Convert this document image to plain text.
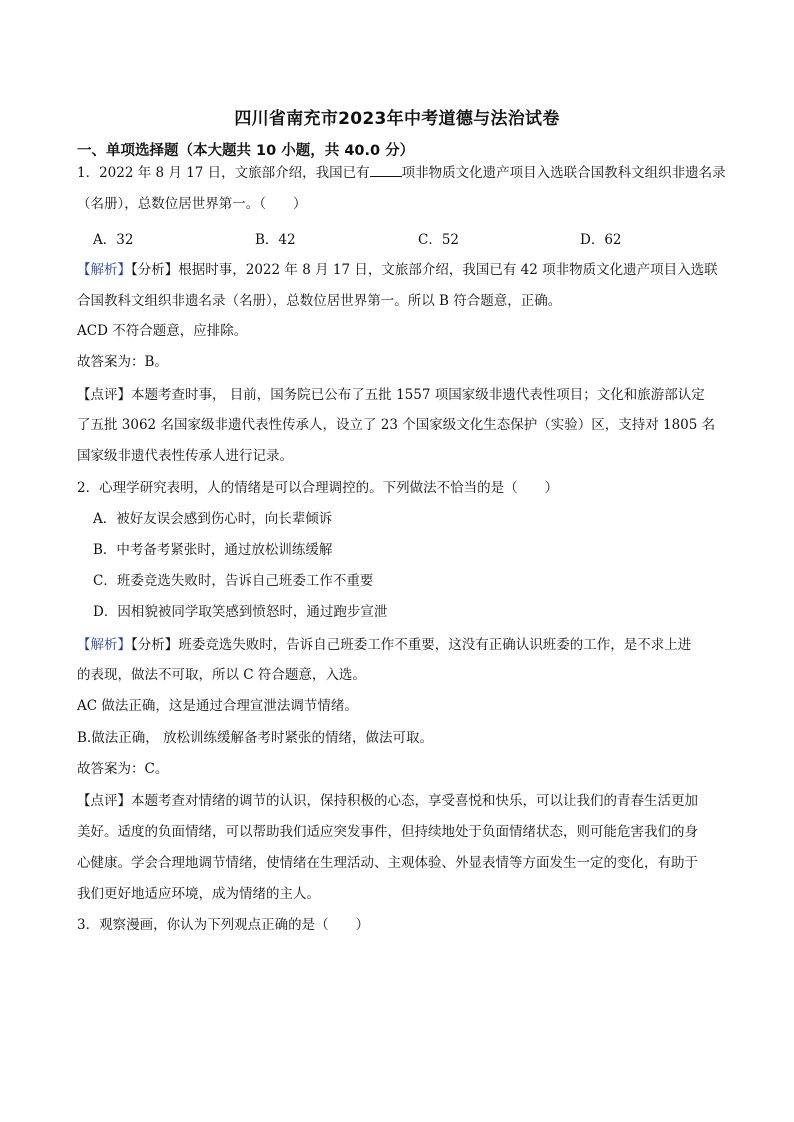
四川省南充市2023年中考道德与法治试卷
一、单项选择题（本大题共 10 小题，共 40.0 分）
1．2022 年 8 月 17 日，文旅部介绍，我国已有 项非物质文化遗产项目入选联合国教科文组织非遗名录
（名册），总数位居世界第一。（　　）
A．32	B．42	C．52	D．62
【解析】【分析】根据时事，2022 年 8 月 17 日，文旅部介绍，我国已有 42 项非物质文化遗产项目入选联
合国教科文组织非遗名录（名册），总数位居世界第一。所以 B 符合题意，正确。
ACD 不符合题意，应排除。
故答案为：B。
【点评】本题考查时事， 目前，国务院已公布了五批 1557 项国家级非遗代表性项目；文化和旅游部认定
了五批 3062 名国家级非遗代表性传承人，设立了 23 个国家级文化生态保护（实验）区，支持对 1805 名
国家级非遗代表性传承人进行记录。
2．心理学研究表明，人的情绪是可以合理调控的。下列做法不恰当的是（　　）
A．被好友误会感到伤心时，向长辈倾诉
B．中考备考紧张时，通过放松训练缓解
C．班委竞选失败时，告诉自己班委工作不重要
D．因相貌被同学取笑感到愤怒时，通过跑步宣泄
【解析】【分析】班委竞选失败时，告诉自己班委工作不重要，这没有正确认识班委的工作，是不求上进
的表现，做法不可取，所以 C 符合题意，入选。
AC 做法正确，这是通过合理宣泄法调节情绪。
B.做法正确， 放松训练缓解备考时紧张的情绪，做法可取。
故答案为：C。
【点评】本题考查对情绪的调节的认识，保持积极的心态，享受喜悦和快乐，可以让我们的青春生活更加
美好。适度的负面情绪，可以帮助我们适应突发事件，但持续地处于负面情绪状态，则可能危害我们的身
心健康。学会合理地调节情绪，使情绪在生理活动、主观体验、外显表情等方面发生一定的变化，有助于
我们更好地适应环境，成为情绪的主人。
3．观察漫画，你认为下列观点正确的是（　　）
